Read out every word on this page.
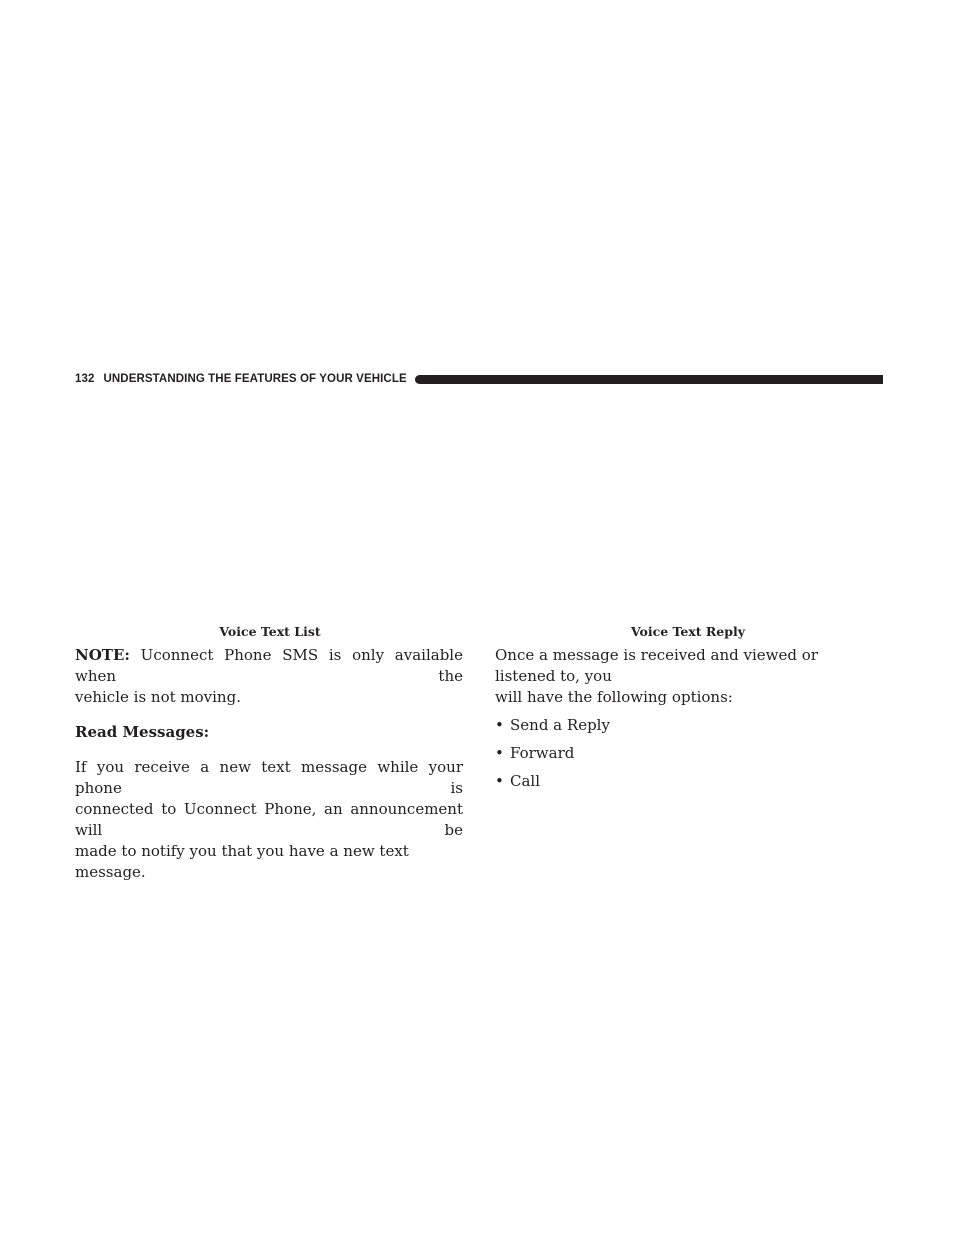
132 UNDERSTANDING THE FEATURES OF YOUR VEHICLE
Voice Text List	Voice Text Reply

NOTE: Uconnect Phone SMS is only available when the

vehicle is not moving.

Read Messages:

If you receive a new text message while your phone is

connected to Uconnect Phone, an announcement will be

made to notify you that you have a new text message.

Once a message is received and viewed or listened to, you

will have the following options:

• Send a Reply
• Forward
• Call
